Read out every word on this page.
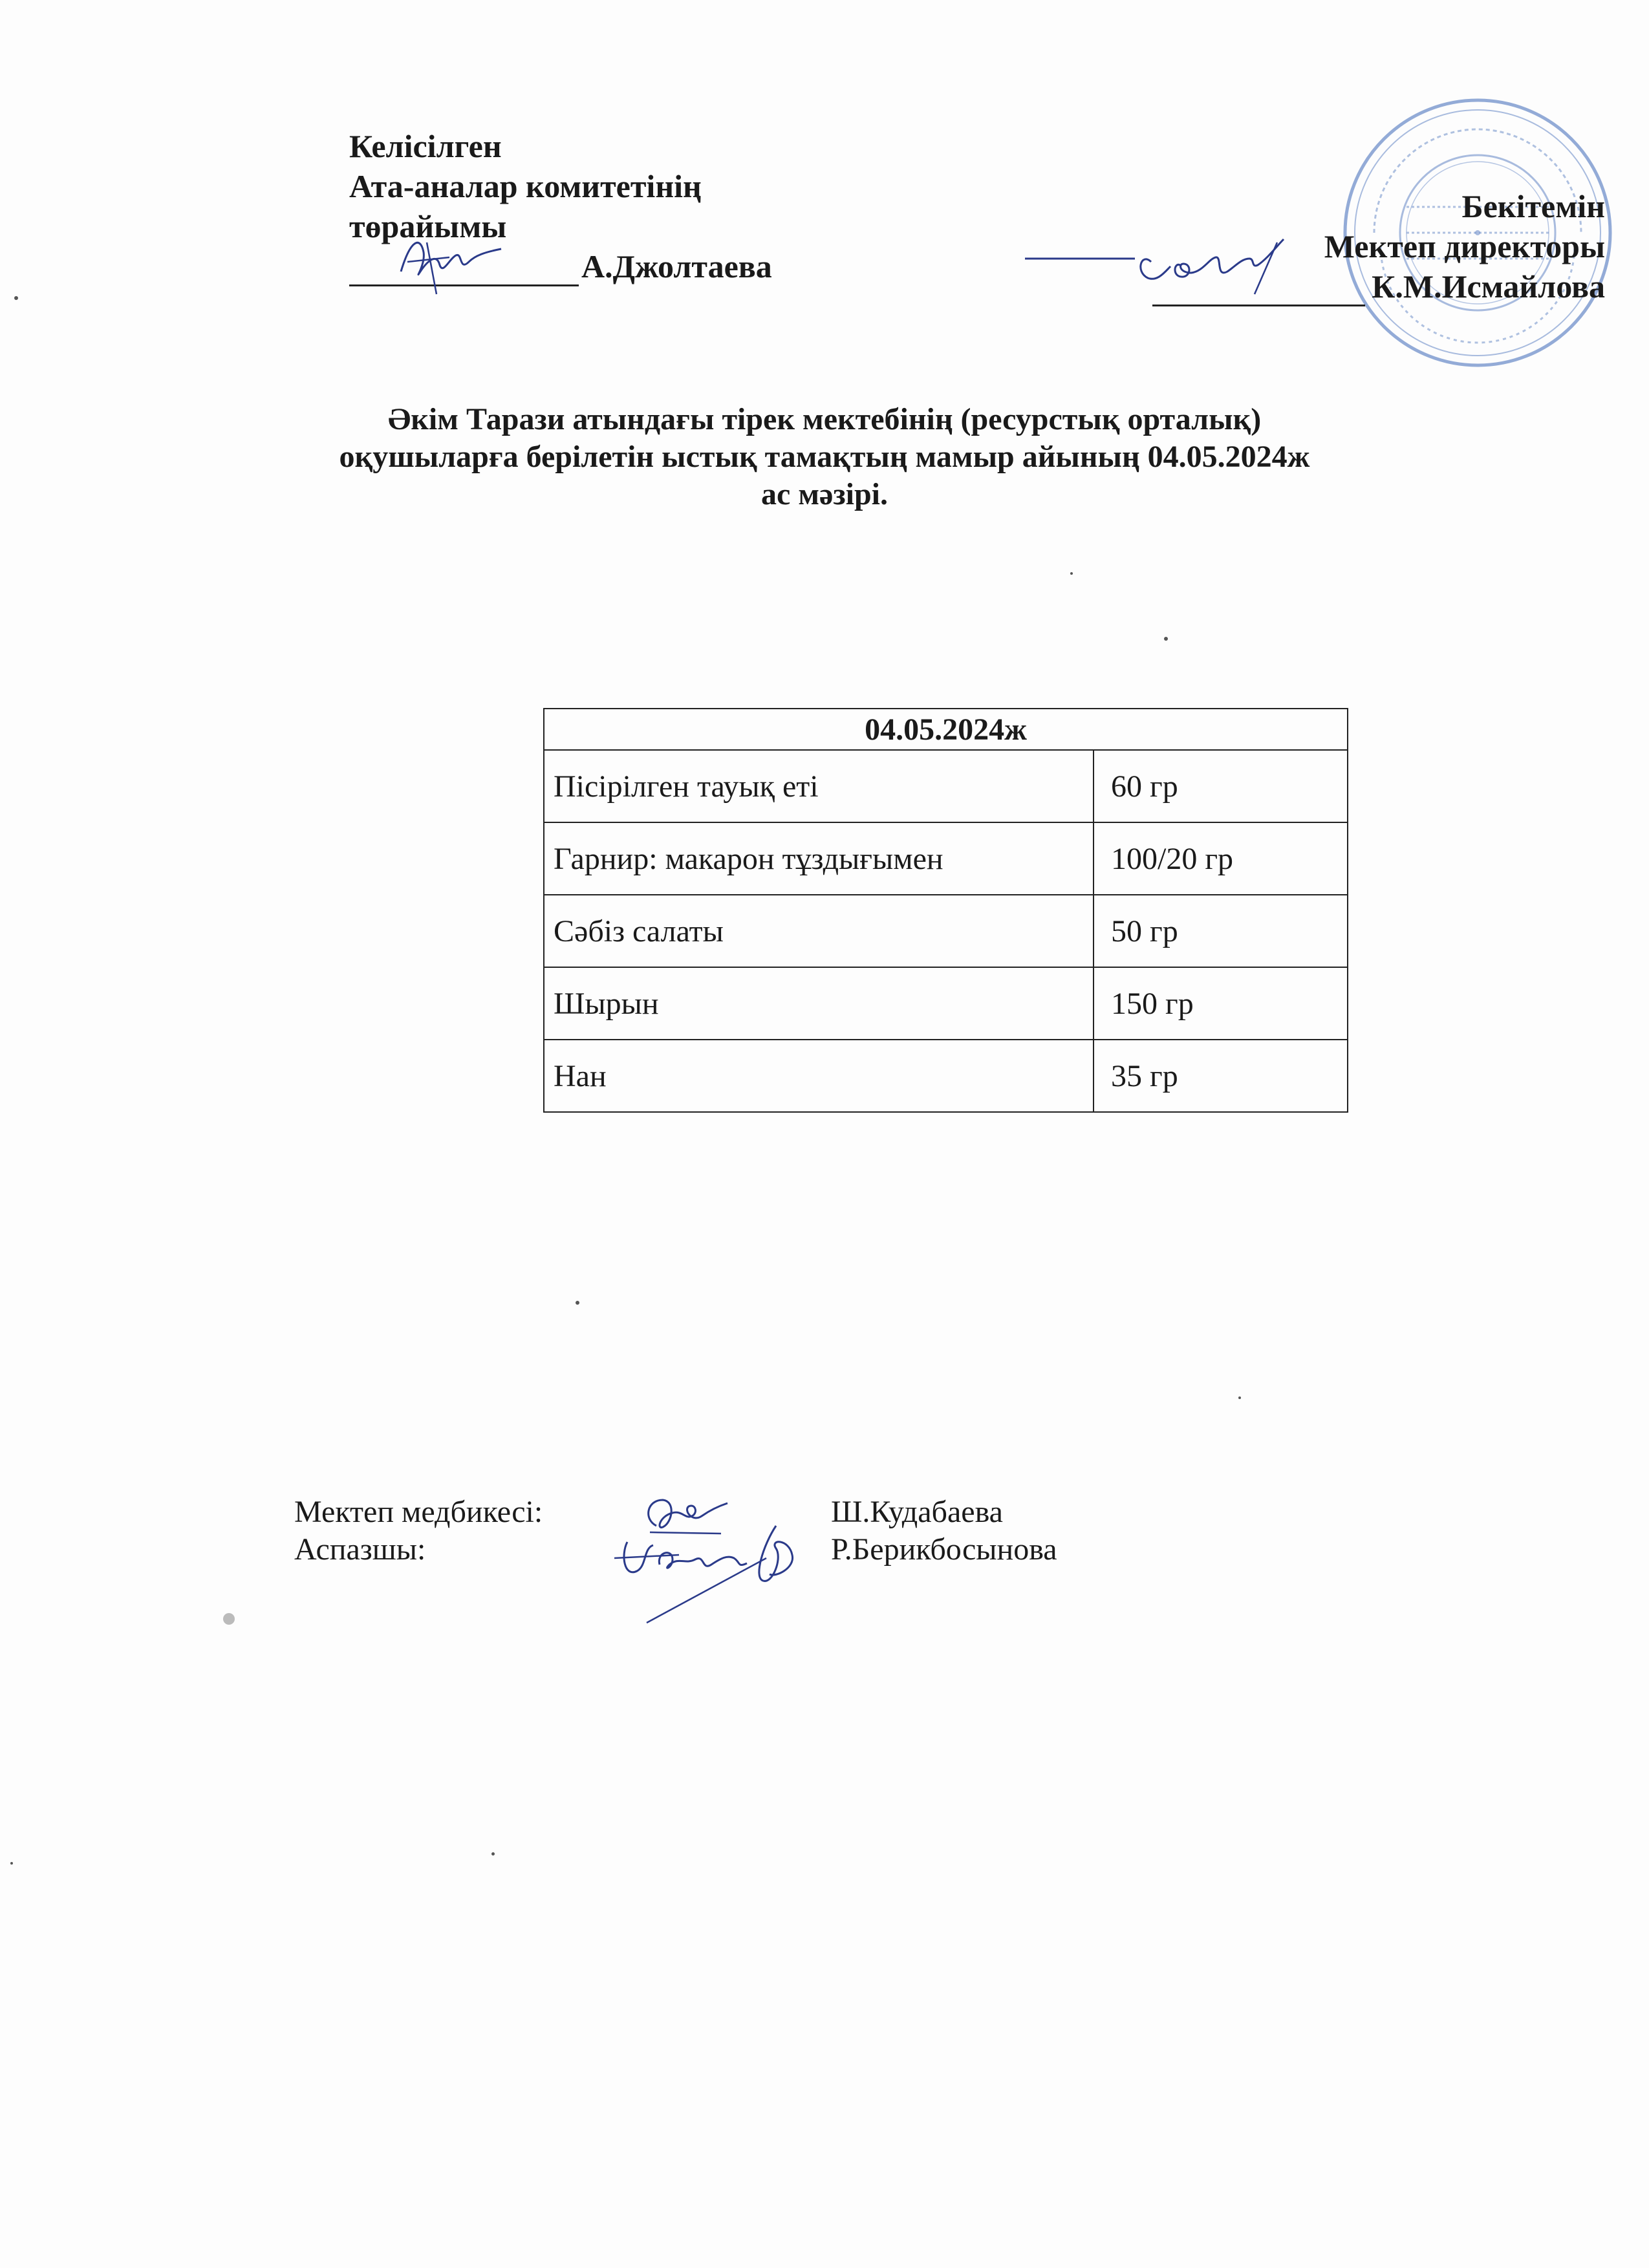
Келісілген
Ата-аналар комитетінің
төрайымы
А.Джолтаева
Бекітемін
Мектеп директоры
К.М.Исмайлова
Әкім Тарази атындағы тірек мектебінің (ресурстық орталық)
оқушыларға берілетін ыстық тамақтың мамыр айының 04.05.2024ж
ас мәзірі.
04.05.2024ж	
Пісірілген тауық еті	60 гр
Гарнир: макарон тұздығымен	100/20 гр
Сәбіз салаты	50 гр
Шырын	150 гр
Нан	35 гр
Мектеп медбикесі:	Ш.Кудабаева
Аспазшы:	Р.Берикбосынова
